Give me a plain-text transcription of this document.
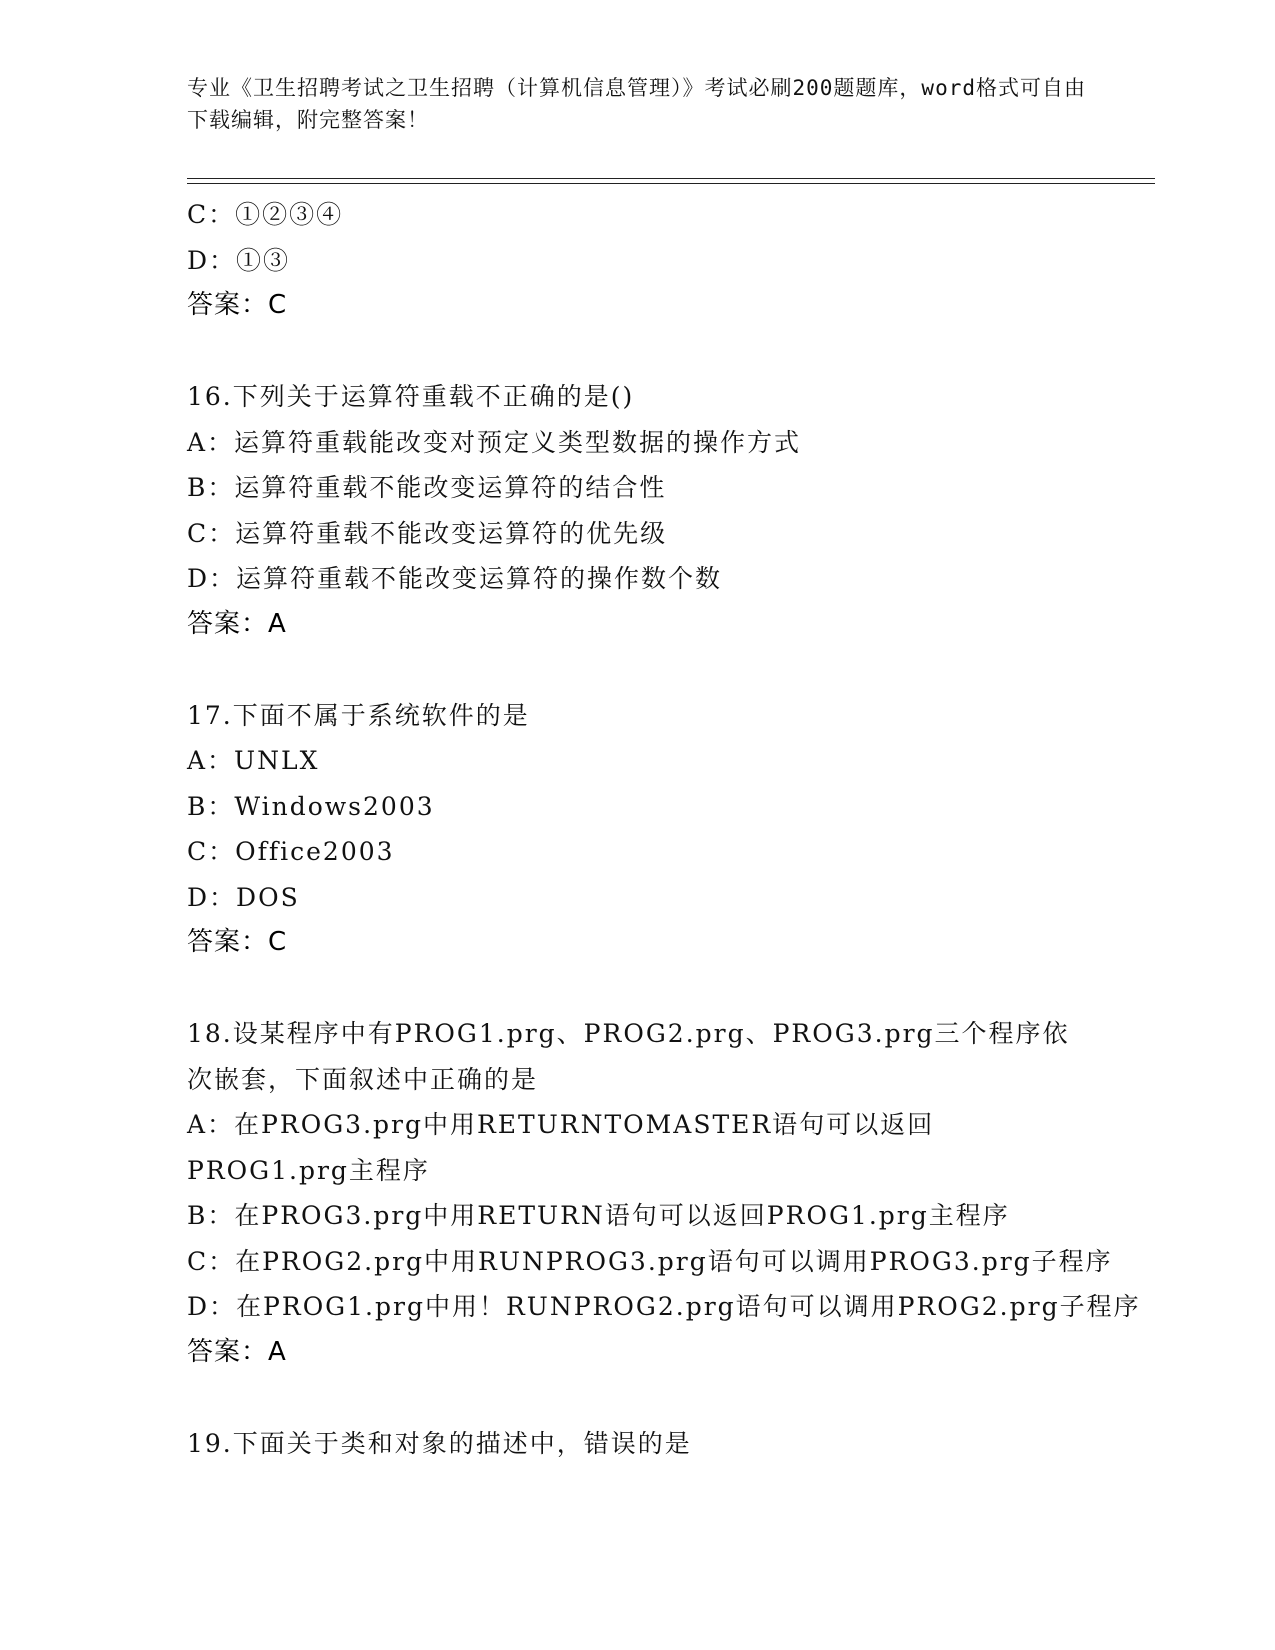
专业《卫生招聘考试之卫生招聘（计算机信息管理）》考试必刷200题题库，word格式可自由下载编辑，附完整答案！
C：①②③④
D：①③
答案：C
16.下列关于运算符重载不正确的是()
A：运算符重载能改变对预定义类型数据的操作方式
B：运算符重载不能改变运算符的结合性
C：运算符重载不能改变运算符的优先级
D：运算符重载不能改变运算符的操作数个数
答案：A
17.下面不属于系统软件的是
A：UNLX
B：Windows2003
C：Office2003
D：DOS
答案：C
18.设某程序中有PROG1.prg、PROG2.prg、PROG3.prg三个程序依次嵌套，下面叙述中正确的是
A：在PROG3.prg中用RETURNTOMASTER语句可以返回PROG1.prg主程序
B：在PROG3.prg中用RETURN语句可以返回PROG1.prg主程序
C：在PROG2.prg中用RUNPROG3.prg语句可以调用PROG3.prg子程序
D：在PROG1.prg中用！RUNPROG2.prg语句可以调用PROG2.prg子程序
答案：A
19.下面关于类和对象的描述中，错误的是
